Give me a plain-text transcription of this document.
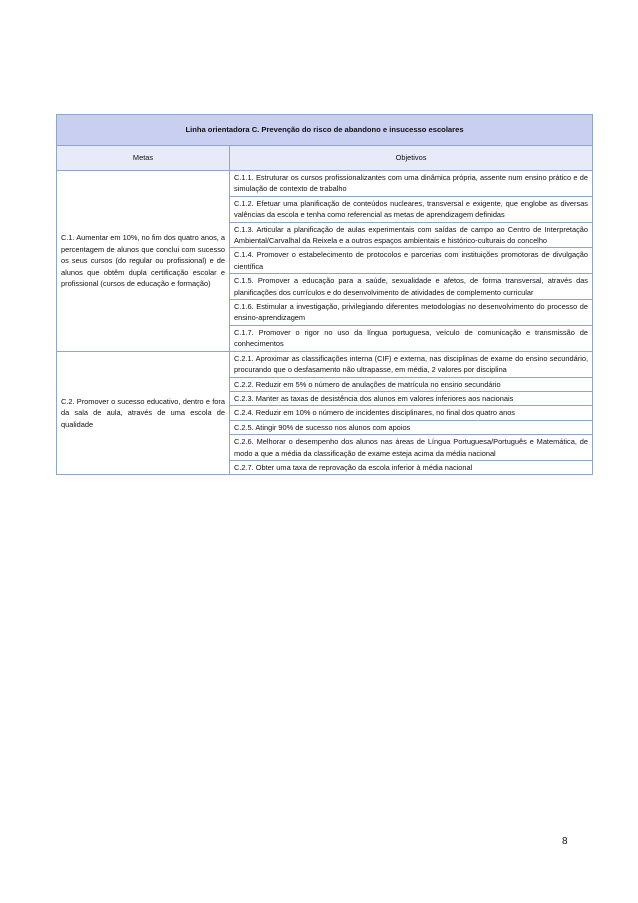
Linha orientadora C. Prevenção do risco de abandono e insucesso escolares	
Metas	Objetivos
C.1. Aumentar em 10%, no fim dos quatro anos, a percentagem de alunos que conclui com sucesso os seus cursos (do regular ou profissional) e de alunos que obtêm dupla certificação escolar e profissional (cursos de educação e formação)	C.1.1. Estruturar os cursos profissionalizantes com uma dinâmica própria, assente num ensino prático e de simulação de contexto de trabalho
	C.1.2. Efetuar uma planificação de conteúdos nucleares, transversal e exigente, que englobe as diversas valências da escola e tenha como referencial as metas de aprendizagem definidas
	C.1.3. Articular a planificação de aulas experimentais com saídas de campo ao Centro de Interpretação Ambiental/Carvalhal da Reixela e a outros espaços ambientais e histórico-culturais do concelho
	C.1.4. Promover o estabelecimento de protocolos e parcerias com instituições promotoras de divulgação científica
	C.1.5. Promover a educação para a saúde, sexualidade e afetos, de forma transversal, através das planificações dos currículos e do desenvolvimento de atividades de complemento curricular
	C.1.6. Estimular a investigação, privilegiando diferentes metodologias no desenvolvimento do processo de ensino-aprendizagem
	C.1.7. Promover o rigor no uso da língua portuguesa, veículo de comunicação e transmissão de conhecimentos
C.2. Promover o sucesso educativo, dentro e fora da sala de aula, através de uma escola de qualidade	C.2.1. Aproximar as classificações interna (CIF) e externa, nas disciplinas de exame do ensino secundário, procurando que o desfasamento não ultrapasse, em média, 2 valores por disciplina
	C.2.2. Reduzir em 5% o número de anulações de matrícula no ensino secundário
	C.2.3. Manter as taxas de desistência dos alunos em valores inferiores aos nacionais
	C.2.4. Reduzir em 10% o número de incidentes disciplinares, no final dos quatro anos
	C.2.5. Atingir 90% de sucesso nos alunos com apoios
	C.2.6. Melhorar o desempenho dos alunos nas áreas de Língua Portuguesa/Português e Matemática, de modo a que a média da classificação de exame esteja acima da média nacional
	C.2.7. Obter uma taxa de reprovação da escola inferior à média nacional
8
